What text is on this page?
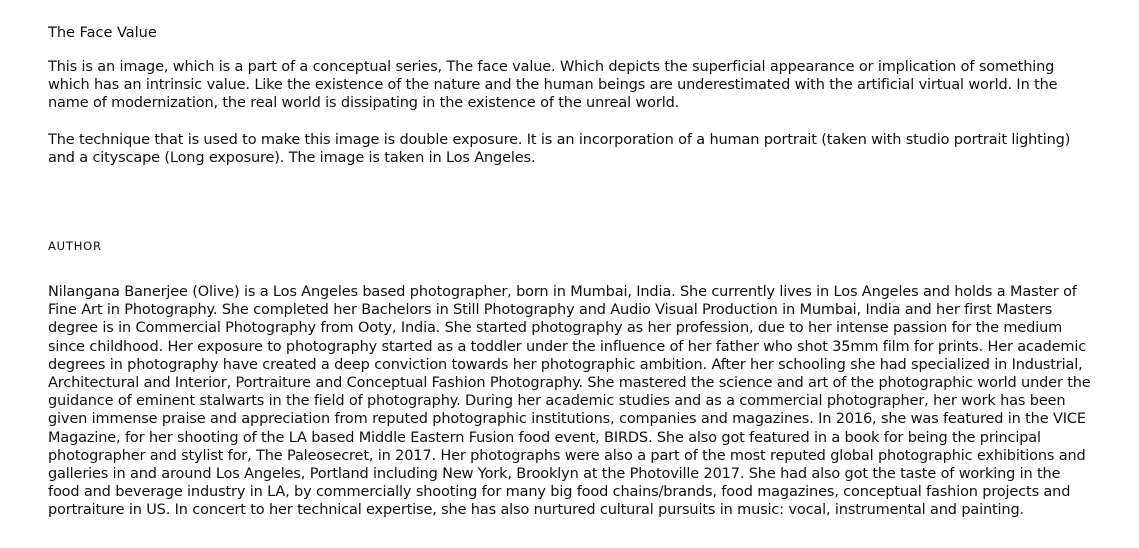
The Face Value

This is an image, which is a part of a conceptual series, The face value. Which depicts the superficial appearance or implication of something which has an intrinsic value. Like the existence of the nature and the human beings are underestimated with the artificial virtual world. In the name of modernization, the real world is dissipating in the existence of the unreal world.

The technique that is used to make this image is double exposure. It is an incorporation of a human portrait (taken with studio portrait lighting) and a cityscape (Long exposure). The image is taken in Los Angeles.

AUTHOR

Nilangana Banerjee (Olive) is a Los Angeles based photographer, born in Mumbai, India. She currently lives in Los Angeles and holds a Master of Fine Art in Photography. She completed her Bachelors in Still Photography and Audio Visual Production in Mumbai, India and her first Masters degree is in Commercial Photography from Ooty, India. She started photography as her profession, due to her intense passion for the medium since childhood. Her exposure to photography started as a toddler under the influence of her father who shot 35mm film for prints. Her academic degrees in photography have created a deep conviction towards her photographic ambition. After her schooling she had specialized in Industrial, Architectural and Interior, Portraiture and Conceptual Fashion Photography. She mastered the science and art of the photographic world under the guidance of eminent stalwarts in the field of photography. During her academic studies and as a commercial photographer, her work has been given immense praise and appreciation from reputed photographic institutions, companies and magazines. In 2016, she was featured in the VICE Magazine, for her shooting of the LA based Middle Eastern Fusion food event, BIRDS. She also got featured in a book for being the principal photographer and stylist for, The Paleosecret, in 2017. Her photographs were also a part of the most reputed global photographic exhibitions and galleries in and around Los Angeles, Portland including New York, Brooklyn at the Photoville 2017. She had also got the taste of working in the food and beverage industry in LA, by commercially shooting for many big food chains/brands, food magazines, conceptual fashion projects and portraiture in US. In concert to her technical expertise, she has also nurtured cultural pursuits in music: vocal, instrumental and painting.
